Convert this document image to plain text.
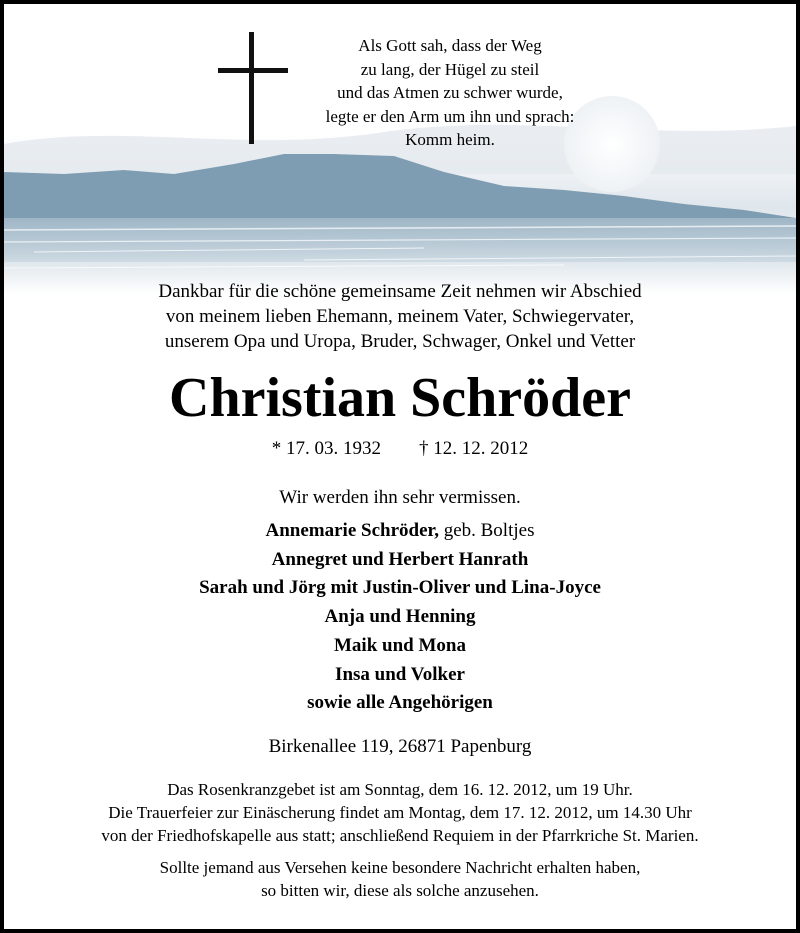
Als Gott sah, dass der Weg
zu lang, der Hügel zu steil
und das Atmen zu schwer wurde,
legte er den Arm um ihn und sprach:
Komm heim.
Dankbar für die schöne gemeinsame Zeit nehmen wir Abschied
von meinem lieben Ehemann, meinem Vater, Schwiegervater,
unserem Opa und Uropa, Bruder, Schwager, Onkel und Vetter
Christian Schröder
* 17. 03. 1932 † 12. 12. 2012
Wir werden ihn sehr vermissen.
Annemarie Schröder, geb. Boltjes
Annegret und Herbert Hanrath
Sarah und Jörg mit Justin-Oliver und Lina-Joyce
Anja und Henning
Maik und Mona
Insa und Volker
sowie alle Angehörigen
Birkenallee 119, 26871 Papenburg
Das Rosenkranzgebet ist am Sonntag, dem 16. 12. 2012, um 19 Uhr.
Die Trauerfeier zur Einäscherung findet am Montag, dem 17. 12. 2012, um 14.30 Uhr
von der Friedhofskapelle aus statt; anschließend Requiem in der Pfarrkriche St. Marien.
Sollte jemand aus Versehen keine besondere Nachricht erhalten haben,
so bitten wir, diese als solche anzusehen.
